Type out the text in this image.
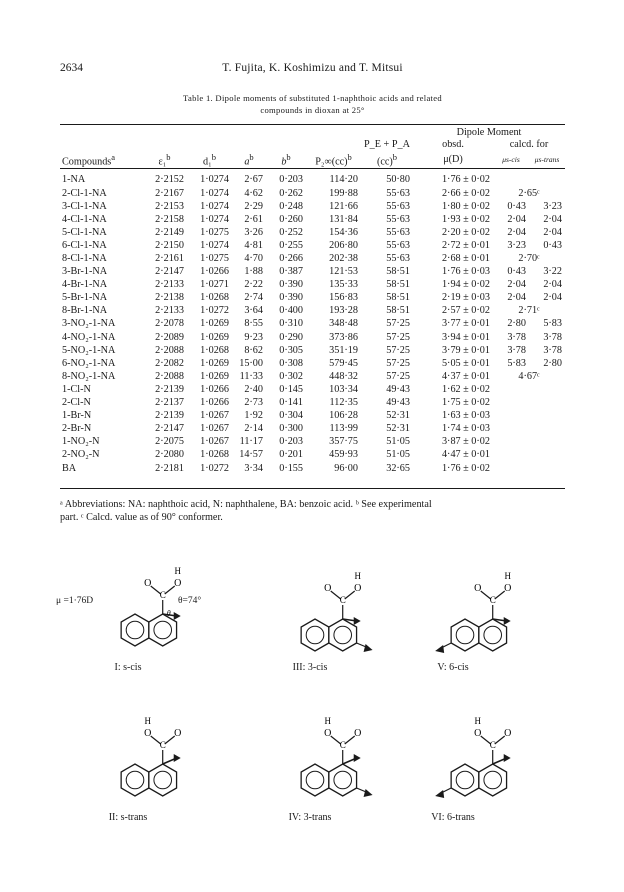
2634	T. Fujita, K. Koshimizu and T. Mitsui
Table 1. Dipole moments of substituted 1-naphthoic acids and related
compounds in dioxan at 25°
							Dipole Moment		
						P_E + P_A	obsd.	calcd. for	
Compounds$^a$	ε₁$^b$	d₁$^b$	$a^b$	$b^b$	P₂∞(cc)$^b$	(cc)$^b$	μ(D)	μs-cis	μs-trans

1-NA	2·2152	1·0274	2·67	0·203	114·20	50·80	1·76 ± 0·02		
2-Cl-1-NA	2·2167	1·0274	4·62	0·262	199·88	55·63	2·66 ± 0·02	2·65ᶜ	
3-Cl-1-NA	2·2153	1·0274	2·29	0·248	121·66	55·63	1·80 ± 0·02	0·43	3·23
4-Cl-1-NA	2·2158	1·0274	2·61	0·260	131·84	55·63	1·93 ± 0·02	2·04	2·04
5-Cl-1-NA	2·2149	1·0275	3·26	0·252	154·36	55·63	2·20 ± 0·02	2·04	2·04
6-Cl-1-NA	2·2150	1·0274	4·81	0·255	206·80	55·63	2·72 ± 0·01	3·23	0·43
8-Cl-1-NA	2·2161	1·0275	4·70	0·266	202·38	55·63	2·68 ± 0·01	2·70ᶜ	
3-Br-1-NA	2·2147	1·0266	1·88	0·387	121·53	58·51	1·76 ± 0·03	0·43	3·22
4-Br-1-NA	2·2133	1·0271	2·22	0·390	135·33	58·51	1·94 ± 0·02	2·04	2·04
5-Br-1-NA	2·2138	1·0268	2·74	0·390	156·83	58·51	2·19 ± 0·03	2·04	2·04
8-Br-1-NA	2·2133	1·0272	3·64	0·400	193·28	58·51	2·57 ± 0·02	2·71ᶜ	
3-NO₂-1-NA	2·2078	1·0269	8·55	0·310	348·48	57·25	3·77 ± 0·01	2·80	5·83
4-NO₂-1-NA	2·2089	1·0269	9·23	0·290	373·86	57·25	3·94 ± 0·01	3·78	3·78
5-NO₂-1-NA	2·2088	1·0268	8·62	0·305	351·19	57·25	3·79 ± 0·01	3·78	3·78
6-NO₂-1-NA	2·2082	1·0269	15·00	0·308	579·45	57·25	5·05 ± 0·01	5·83	2·80
8-NO₂-1-NA	2·2088	1·0269	11·33	0·302	448·32	57·25	4·37 ± 0·01	4·67ᶜ	
1-Cl-N	2·2139	1·0266	2·40	0·145	103·34	49·43	1·62 ± 0·02		
2-Cl-N	2·2137	1·0266	2·73	0·141	112·35	49·43	1·75 ± 0·02		
1-Br-N	2·2139	1·0267	1·92	0·304	106·28	52·31	1·63 ± 0·03		
2-Br-N	2·2147	1·0267	2·14	0·300	113·99	52·31	1·74 ± 0·03		
1-NO₂-N	2·2075	1·0267	11·17	0·203	357·75	51·05	3·87 ± 0·02		
2-NO₂-N	2·2080	1·0268	14·57	0·201	459·93	51·05	4·47 ± 0·01		
BA	2·2181	1·0272	3·34	0·155	96·00	32·65	1·76 ± 0·02		
ᵃ Abbreviations: NA: naphthoic acid, N: naphthalene, BA: benzoic acid. ᵇ See experimental
part. ᶜ Calcd. value as of 90° conformer.
C
O O
H
θ
I: s-cis
C
O O
H
III: 3-cis
C
O O
H
V: 6-cis
C
O O
H
II: s-trans
C
O O
H
IV: 3-trans
C
O O
H
VI: 6-trans
μ =1·76D	θ=74°
